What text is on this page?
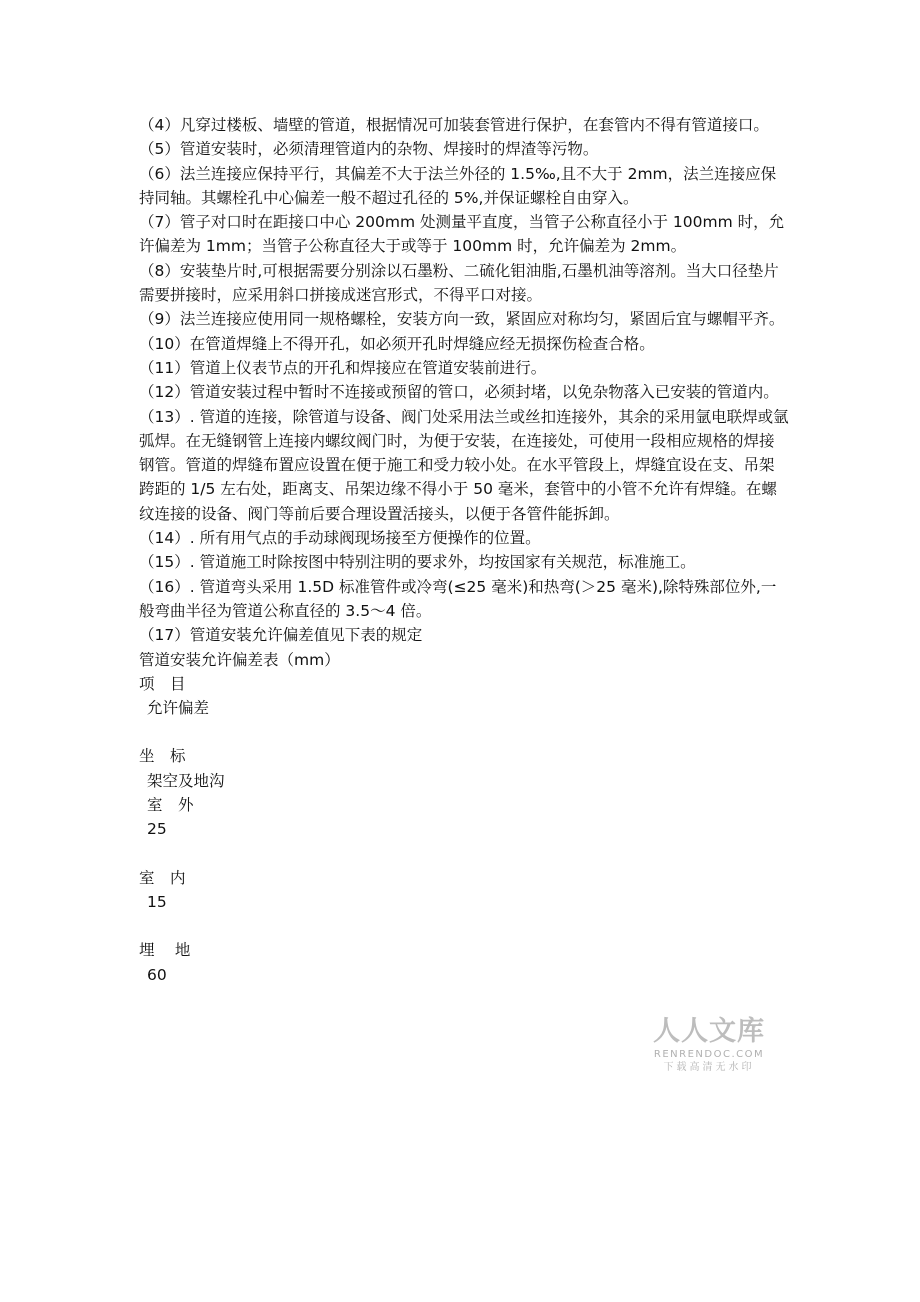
（4）凡穿过楼板、墙壁的管道，根据情况可加装套管进行保护，在套管内不得有管道接口。

（5）管道安装时，必须清理管道内的杂物、焊接时的焊渣等污物。

（6）法兰连接应保持平行，其偏差不大于法兰外径的 1.5‰,且不大于 2mm，法兰连接应保持同轴。其螺栓孔中心偏差一般不超过孔径的 5%,并保证螺栓自由穿入。

（7）管子对口时在距接口中心 200mm 处测量平直度，当管子公称直径小于 100mm 时，允许偏差为 1mm；当管子公称直径大于或等于 100mm 时，允许偏差为 2mm。

（8）安装垫片时,可根据需要分别涂以石墨粉、二硫化钼油脂,石墨机油等溶剂。当大口径垫片需要拼接时，应采用斜口拼接成迷宫形式，不得平口对接。

（9）法兰连接应使用同一规格螺栓，安装方向一致，紧固应对称均匀，紧固后宜与螺帽平齐。

（10）在管道焊缝上不得开孔，如必须开孔时焊缝应经无损探伤检查合格。

（11）管道上仪表节点的开孔和焊接应在管道安装前进行。

（12）管道安装过程中暂时不连接或预留的管口，必须封堵，以免杂物落入已安装的管道内。

（13）. 管道的连接，除管道与设备、阀门处采用法兰或丝扣连接外，其余的采用氩电联焊或氩弧焊。在无缝钢管上连接内螺纹阀门时，为便于安装，在连接处，可使用一段相应规格的焊接钢管。管道的焊缝布置应设置在便于施工和受力较小处。在水平管段上，焊缝宜设在支、吊架跨距的 1/5 左右处，距离支、吊架边缘不得小于 50 毫米，套管中的小管不允许有焊缝。在螺纹连接的设备、阀门等前后要合理设置活接头，以便于各管件能拆卸。

（14）. 所有用气点的手动球阀现场接至方便操作的位置。

（15）. 管道施工时除按图中特别注明的要求外，均按国家有关规范，标准施工。

（16）. 管道弯头采用 1.5D 标准管件或冷弯(≤25 毫米)和热弯(＞25 毫米),除特殊部位外,一般弯曲半径为管道公称直径的 3.5～4 倍。

（17）管道安装允许偏差值见下表的规定

管道安装允许偏差表（mm）

项　目

允许偏差

坐　标

架空及地沟

室　外

25

室　内

15

埋　 地

60

人人文库
RENRENDOC.COM
下载高清无水印
